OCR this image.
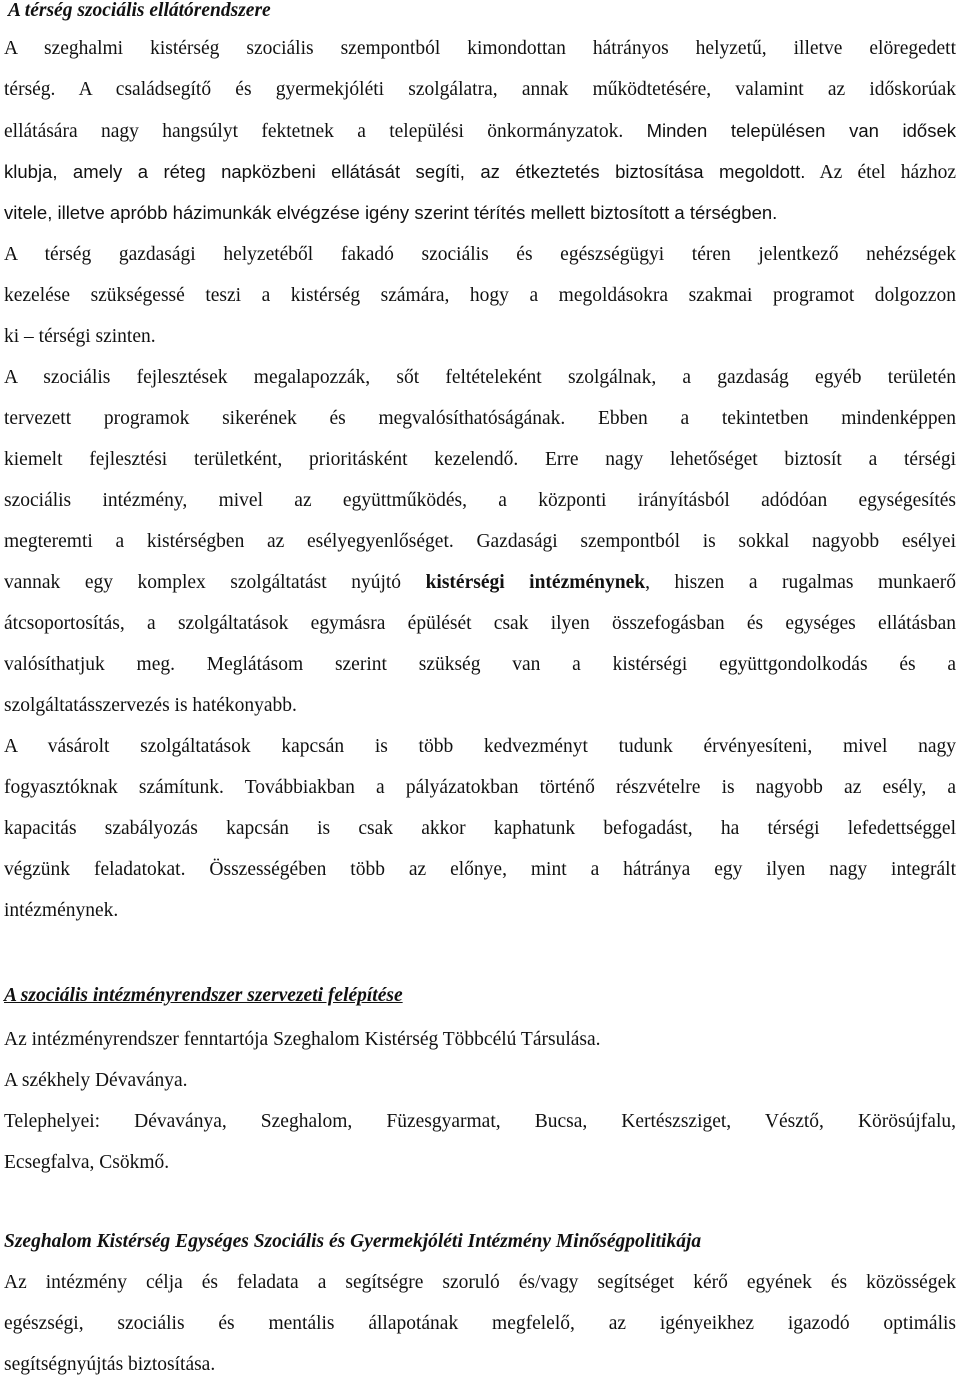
A térség szociális ellátórendszere
A szeghalmi kistérség szociális szempontból kimondottan hátrányos helyzetű, illetve elöregedett
térség. A családsegítő és gyermekjóléti szolgálatra, annak működtetésére, valamint az időskorúak
ellátására nagy hangsúlyt fektetnek a települési önkormányzatok. Minden településen van idősek
klubja, amely a réteg napközbeni ellátását segíti, az étkeztetés biztosítása megoldott. Az étel házhoz
vitele, illetve apróbb házimunkák elvégzése igény szerint térítés mellett biztosított a térségben.
A térség gazdasági helyzetéből fakadó szociális és egészségügyi téren jelentkező nehézségek
kezelése szükségessé teszi a kistérség számára, hogy a megoldásokra szakmai programot dolgozzon
ki – térségi szinten.
A szociális fejlesztések megalapozzák, sőt feltételeként szolgálnak, a gazdaság egyéb területén
tervezett programok sikerének és megvalósíthatóságának. Ebben a tekintetben mindenképpen
kiemelt fejlesztési területként, prioritásként kezelendő. Erre nagy lehetőséget biztosít a térségi
szociális intézmény, mivel az együttműködés, a központi irányításból adódóan egységesítés
megteremti a kistérségben az esélyegyenlőséget. Gazdasági szempontból is sokkal nagyobb esélyei
vannak egy komplex szolgáltatást nyújtó kistérségi intézménynek, hiszen a rugalmas munkaerő
átcsoportosítás, a szolgáltatások egymásra épülését csak ilyen összefogásban és egységes ellátásban
valósíthatjuk meg. Meglátásom szerint szükség van a kistérségi együttgondolkodás és a
szolgáltatásszervezés is hatékonyabb.
A vásárolt szolgáltatások kapcsán is több kedvezményt tudunk érvényesíteni, mivel nagy
fogyasztóknak számítunk. Továbbiakban a pályázatokban történő részvételre is nagyobb az esély, a
kapacitás szabályozás kapcsán is csak akkor kaphatunk befogadást, ha térségi lefedettséggel
végzünk feladatokat. Összességében több az előnye, mint a hátránya egy ilyen nagy integrált
intézménynek.
A szociális intézményrendszer szervezeti felépítése
Az intézményrendszer fenntartója Szeghalom Kistérség Többcélú Társulása.
A székhely Dévaványa.
Telephelyei: Dévaványa, Szeghalom, Füzesgyarmat, Bucsa, Kertészsziget, Vésztő, Körösújfalu,
Ecsegfalva, Csökmő.
Szeghalom Kistérség Egységes Szociális és Gyermekjóléti Intézmény Minőségpolitikája
Az intézmény célja és feladata a segítségre szoruló és/vagy segítséget kérő egyének és közösségek
egészségi, szociális és mentális állapotának megfelelő, az igényeikhez igazodó optimális
segítségnyújtás biztosítása.
